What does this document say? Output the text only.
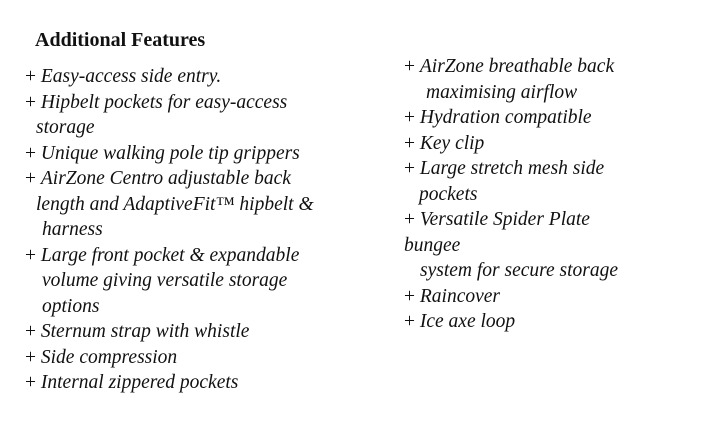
Additional Features
+ Easy-access side entry.
+ Hipbelt pockets for easy-access
storage
+ Unique walking pole tip grippers
+ AirZone Centro adjustable back
length and AdaptiveFit™ hipbelt &
harness
+ Large front pocket & expandable
volume giving versatile storage
options
+ Sternum strap with whistle
+ Side compression
+ Internal zippered pockets
+ AirZone breathable back
maximising airflow
+ Hydration compatible
+ Key clip
+ Large stretch mesh side
pockets
+ Versatile Spider Plate
bungee
system for secure storage
+ Raincover
+ Ice axe loop
